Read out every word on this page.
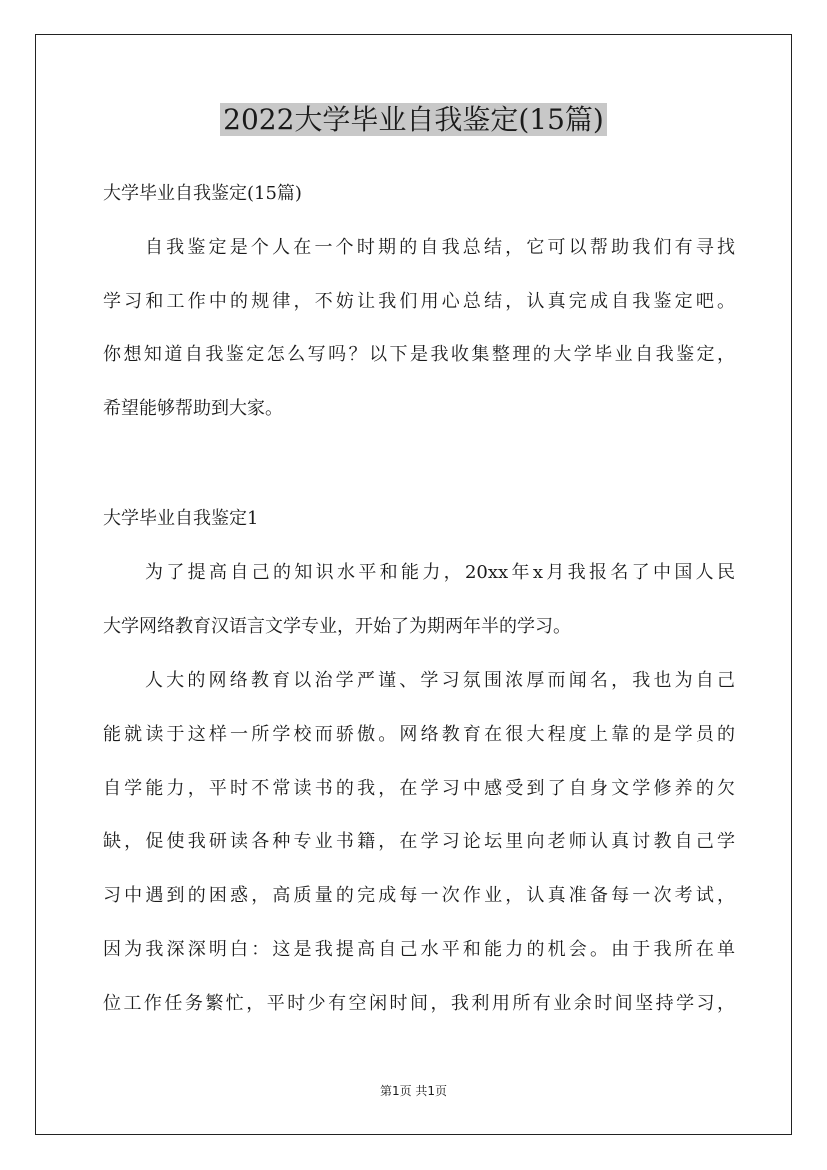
2022大学毕业自我鉴定(15篇)

大学毕业自我鉴定(15篇)

自我鉴定是个人在一个时期的自我总结，它可以帮助我们有寻找

学习和工作中的规律，不妨让我们用心总结，认真完成自我鉴定吧。

你想知道自我鉴定怎么写吗？以下是我收集整理的大学毕业自我鉴定，

希望能够帮助到大家。

大学毕业自我鉴定1

为了提高自己的知识水平和能力，20xx年x月我报名了中国人民

大学网络教育汉语言文学专业，开始了为期两年半的学习。

人大的网络教育以治学严谨、学习氛围浓厚而闻名，我也为自己

能就读于这样一所学校而骄傲。网络教育在很大程度上靠的是学员的

自学能力，平时不常读书的我，在学习中感受到了自身文学修养的欠

缺，促使我研读各种专业书籍，在学习论坛里向老师认真讨教自己学

习中遇到的困惑，高质量的完成每一次作业，认真准备每一次考试，

因为我深深明白：这是我提高自己水平和能力的机会。由于我所在单

位工作任务繁忙，平时少有空闲时间，我利用所有业余时间坚持学习，

第1页 共1页
